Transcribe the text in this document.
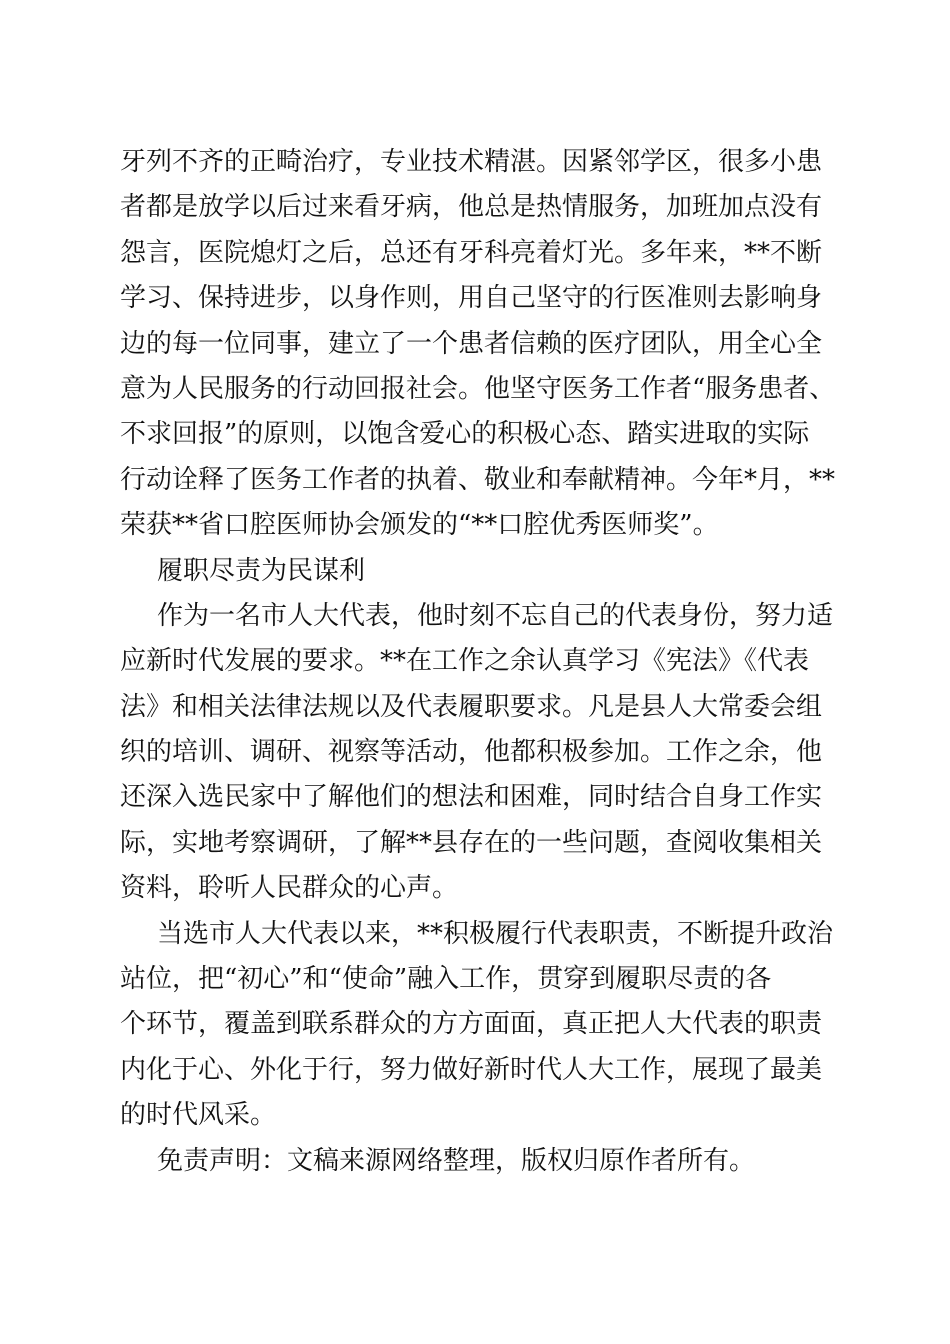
牙列不齐的正畸治疗，专业技术精湛。因紧邻学区，很多小患
者都是放学以后过来看牙病，他总是热情服务，加班加点没有
怨言，医院熄灯之后，总还有牙科亮着灯光。多年来，**不断
学习、保持进步，以身作则，用自己坚守的行医准则去影响身
边的每一位同事，建立了一个患者信赖的医疗团队，用全心全
意为人民服务的行动回报社会。他坚守医务工作者“服务患者、
不求回报”的原则，以饱含爱心的积极心态、踏实进取的实际
行动诠释了医务工作者的执着、敬业和奉献精神。今年*月，**
荣获**省口腔医师协会颁发的“**口腔优秀医师奖”。
履职尽责为民谋利
作为一名市人大代表，他时刻不忘自己的代表身份，努力适
应新时代发展的要求。**在工作之余认真学习《宪法》《代表
法》和相关法律法规以及代表履职要求。凡是县人大常委会组
织的培训、调研、视察等活动，他都积极参加。工作之余，他
还深入选民家中了解他们的想法和困难，同时结合自身工作实
际，实地考察调研，了解**县存在的一些问题，查阅收集相关
资料，聆听人民群众的心声。
当选市人大代表以来，**积极履行代表职责，不断提升政治
站位，把“初心”和“使命”融入工作，贯穿到履职尽责的各
个环节，覆盖到联系群众的方方面面，真正把人大代表的职责
内化于心、外化于行，努力做好新时代人大工作，展现了最美
的时代风采。
免责声明：文稿来源网络整理，版权归原作者所有。
